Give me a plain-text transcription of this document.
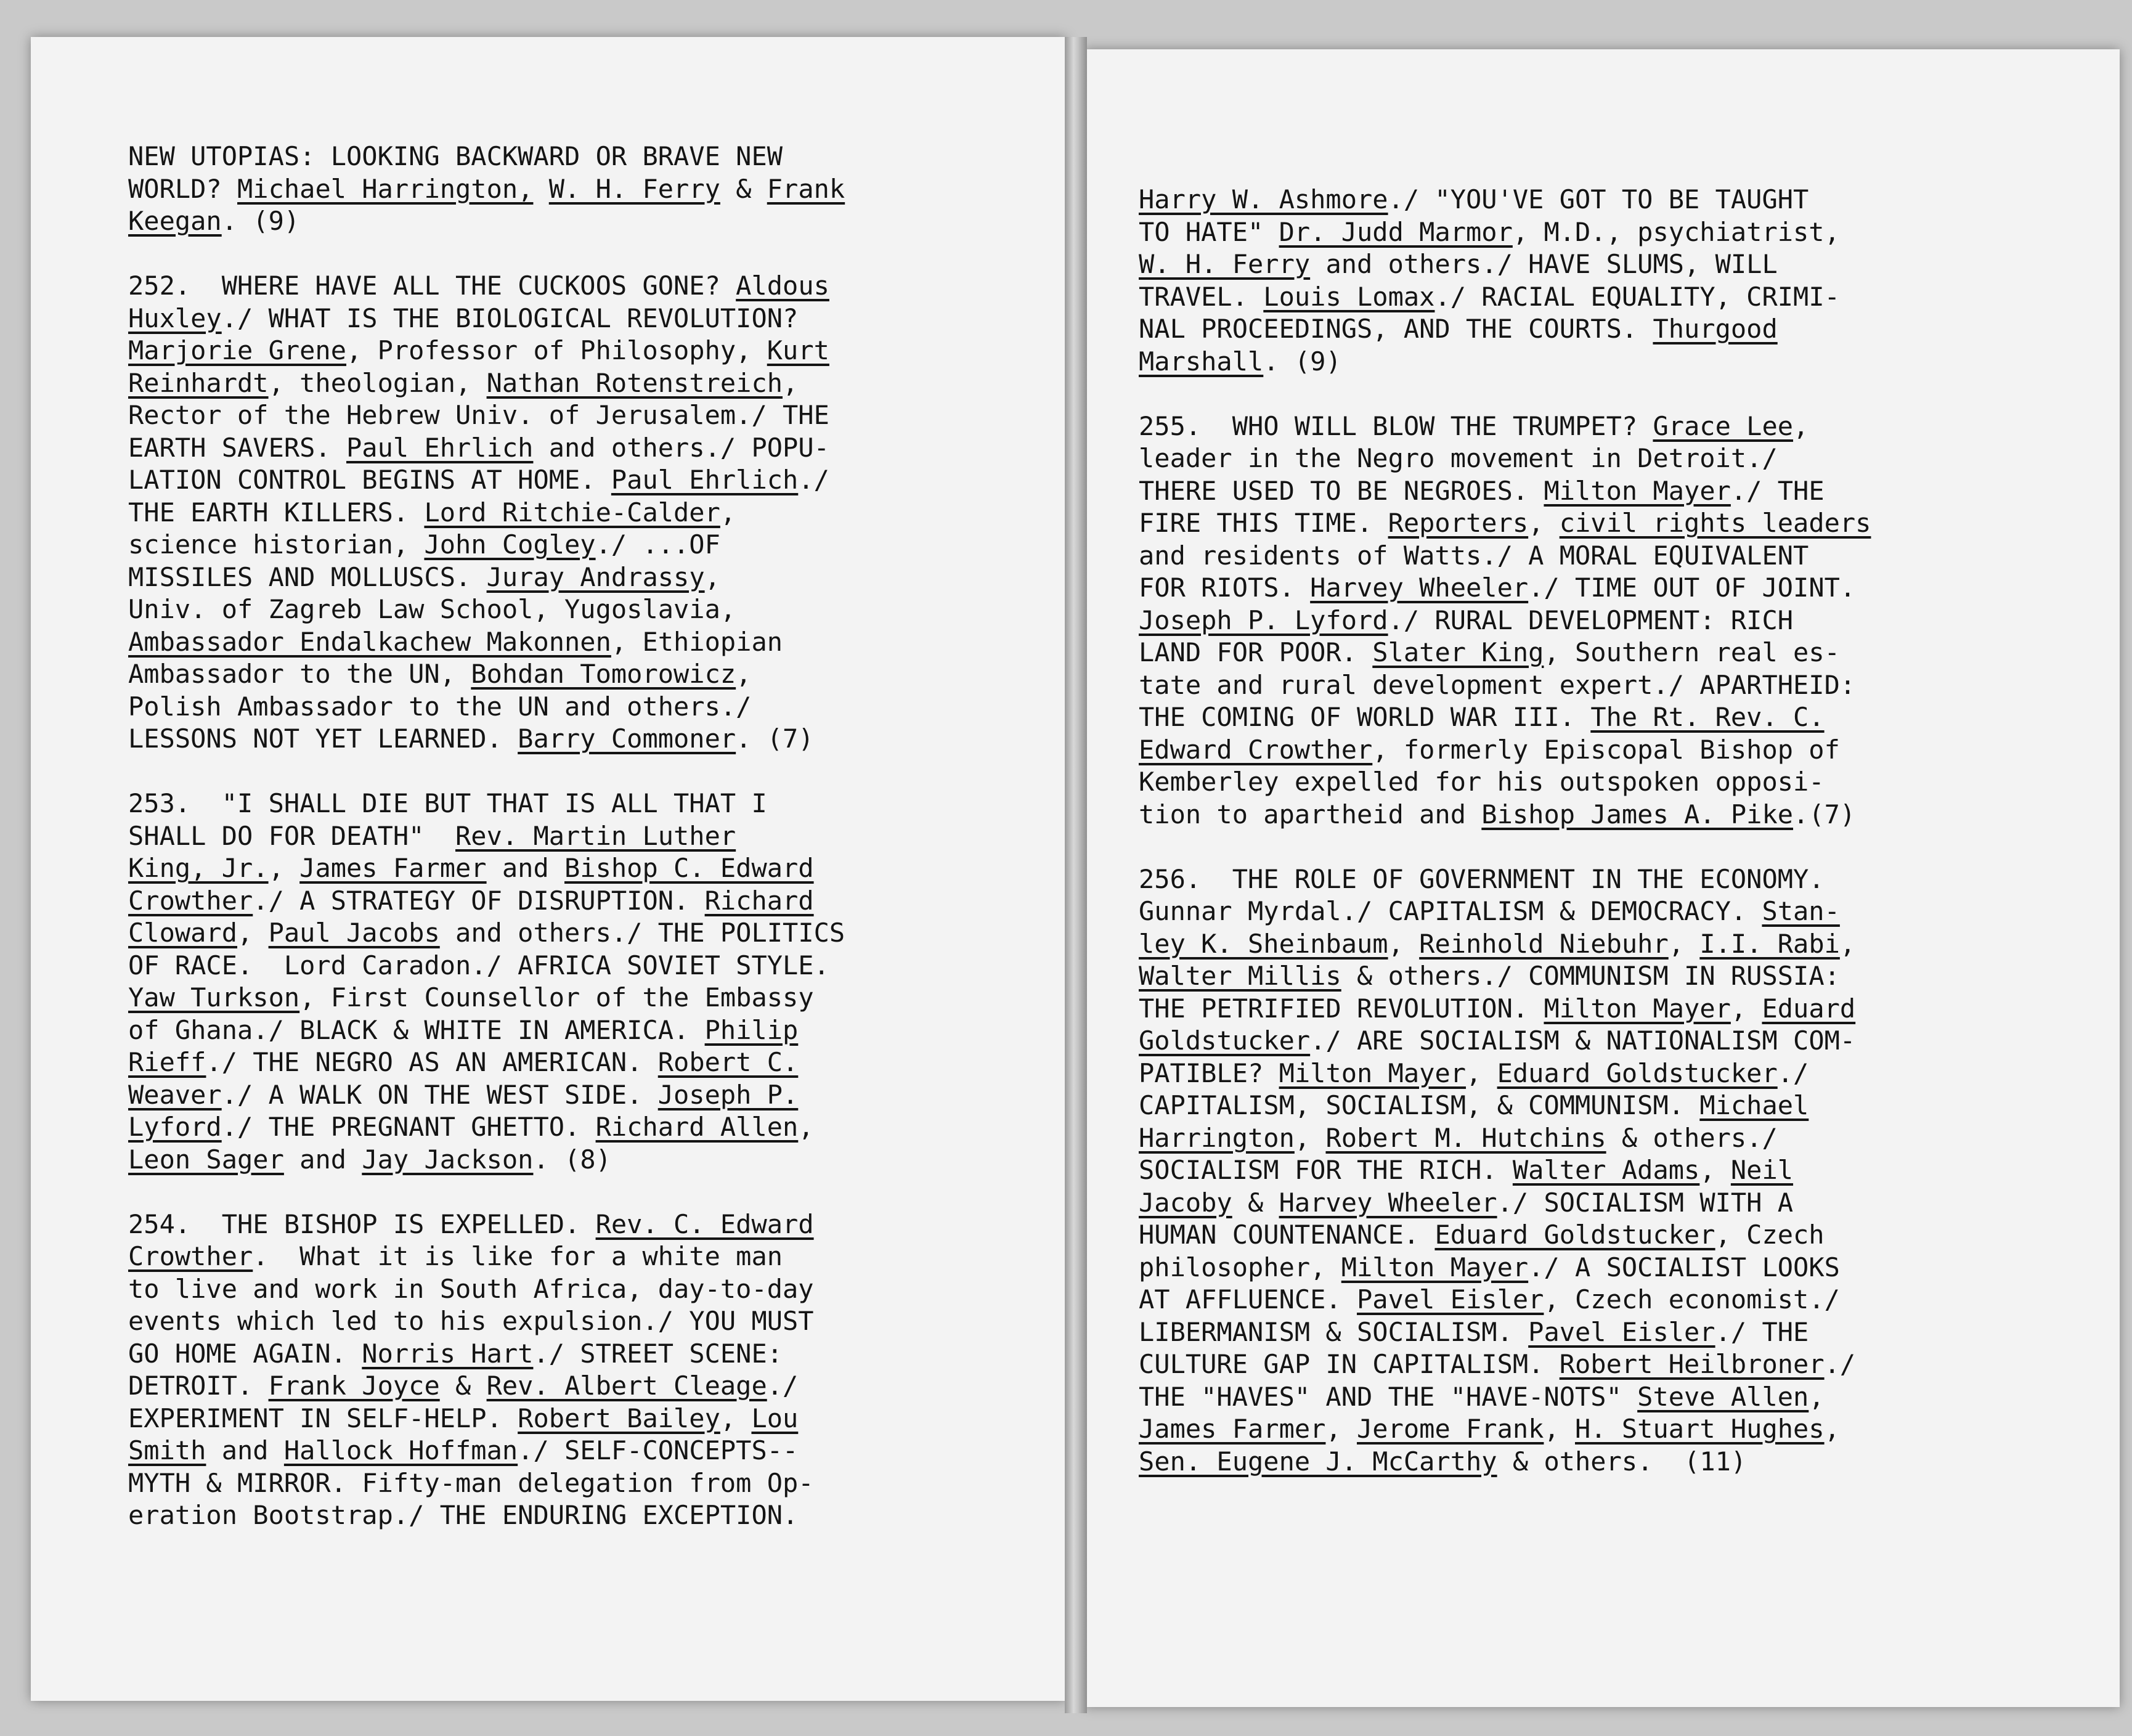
NEW UTOPIAS: LOOKING BACKWARD OR BRAVE NEW
WORLD? Michael Harrington, W. H. Ferry & Frank
Keegan. (9)
252.  WHERE HAVE ALL THE CUCKOOS GONE? Aldous
Huxley./ WHAT IS THE BIOLOGICAL REVOLUTION?
Marjorie Grene, Professor of Philosophy, Kurt
Reinhardt, theologian, Nathan Rotenstreich,
Rector of the Hebrew Univ. of Jerusalem./ THE
EARTH SAVERS. Paul Ehrlich and others./ POPU-
LATION CONTROL BEGINS AT HOME. Paul Ehrlich./
THE EARTH KILLERS. Lord Ritchie-Calder,
science historian, John Cogley./ ...OF
MISSILES AND MOLLUSCS. Juray Andrassy,
Univ. of Zagreb Law School, Yugoslavia,
Ambassador Endalkachew Makonnen, Ethiopian
Ambassador to the UN, Bohdan Tomorowicz,
Polish Ambassador to the UN and others./
LESSONS NOT YET LEARNED. Barry Commoner. (7)
253.  "I SHALL DIE BUT THAT IS ALL THAT I
SHALL DO FOR DEATH"  Rev. Martin Luther
King, Jr., James Farmer and Bishop C. Edward
Crowther./ A STRATEGY OF DISRUPTION. Richard
Cloward, Paul Jacobs and others./ THE POLITICS
OF RACE.  Lord Caradon./ AFRICA SOVIET STYLE.
Yaw Turkson, First Counsellor of the Embassy
of Ghana./ BLACK & WHITE IN AMERICA. Philip
Rieff./ THE NEGRO AS AN AMERICAN. Robert C.
Weaver./ A WALK ON THE WEST SIDE. Joseph P.
Lyford./ THE PREGNANT GHETTO. Richard Allen,
Leon Sager and Jay Jackson. (8)
254.  THE BISHOP IS EXPELLED. Rev. C. Edward
Crowther.  What it is like for a white man
to live and work in South Africa, day-to-day
events which led to his expulsion./ YOU MUST
GO HOME AGAIN. Norris Hart./ STREET SCENE:
DETROIT. Frank Joyce & Rev. Albert Cleage./
EXPERIMENT IN SELF-HELP. Robert Bailey, Lou
Smith and Hallock Hoffman./ SELF-CONCEPTS--
MYTH & MIRROR. Fifty-man delegation from Op-
eration Bootstrap./ THE ENDURING EXCEPTION.
Harry W. Ashmore./ "YOU'VE GOT TO BE TAUGHT
TO HATE" Dr. Judd Marmor, M.D., psychiatrist,
W. H. Ferry and others./ HAVE SLUMS, WILL
TRAVEL. Louis Lomax./ RACIAL EQUALITY, CRIMI-
NAL PROCEEDINGS, AND THE COURTS. Thurgood
Marshall. (9)
255.  WHO WILL BLOW THE TRUMPET? Grace Lee,
leader in the Negro movement in Detroit./
THERE USED TO BE NEGROES. Milton Mayer./ THE
FIRE THIS TIME. Reporters, civil rights leaders
and residents of Watts./ A MORAL EQUIVALENT
FOR RIOTS. Harvey Wheeler./ TIME OUT OF JOINT.
Joseph P. Lyford./ RURAL DEVELOPMENT: RICH
LAND FOR POOR. Slater King, Southern real es-
tate and rural development expert./ APARTHEID:
THE COMING OF WORLD WAR III. The Rt. Rev. C.
Edward Crowther, formerly Episcopal Bishop of
Kemberley expelled for his outspoken opposi-
tion to apartheid and Bishop James A. Pike.(7)
256.  THE ROLE OF GOVERNMENT IN THE ECONOMY.
Gunnar Myrdal./ CAPITALISM & DEMOCRACY. Stan-
ley K. Sheinbaum, Reinhold Niebuhr, I.I. Rabi,
Walter Millis & others./ COMMUNISM IN RUSSIA:
THE PETRIFIED REVOLUTION. Milton Mayer, Eduard
Goldstucker./ ARE SOCIALISM & NATIONALISM COM-
PATIBLE? Milton Mayer, Eduard Goldstucker./
CAPITALISM, SOCIALISM, & COMMUNISM. Michael
Harrington, Robert M. Hutchins & others./
SOCIALISM FOR THE RICH. Walter Adams, Neil
Jacoby & Harvey Wheeler./ SOCIALISM WITH A
HUMAN COUNTENANCE. Eduard Goldstucker, Czech
philosopher, Milton Mayer./ A SOCIALIST LOOKS
AT AFFLUENCE. Pavel Eisler, Czech economist./
LIBERMANISM & SOCIALISM. Pavel Eisler./ THE
CULTURE GAP IN CAPITALISM. Robert Heilbroner./
THE "HAVES" AND THE "HAVE-NOTS" Steve Allen,
James Farmer, Jerome Frank, H. Stuart Hughes,
Sen. Eugene J. McCarthy & others.  (11)
